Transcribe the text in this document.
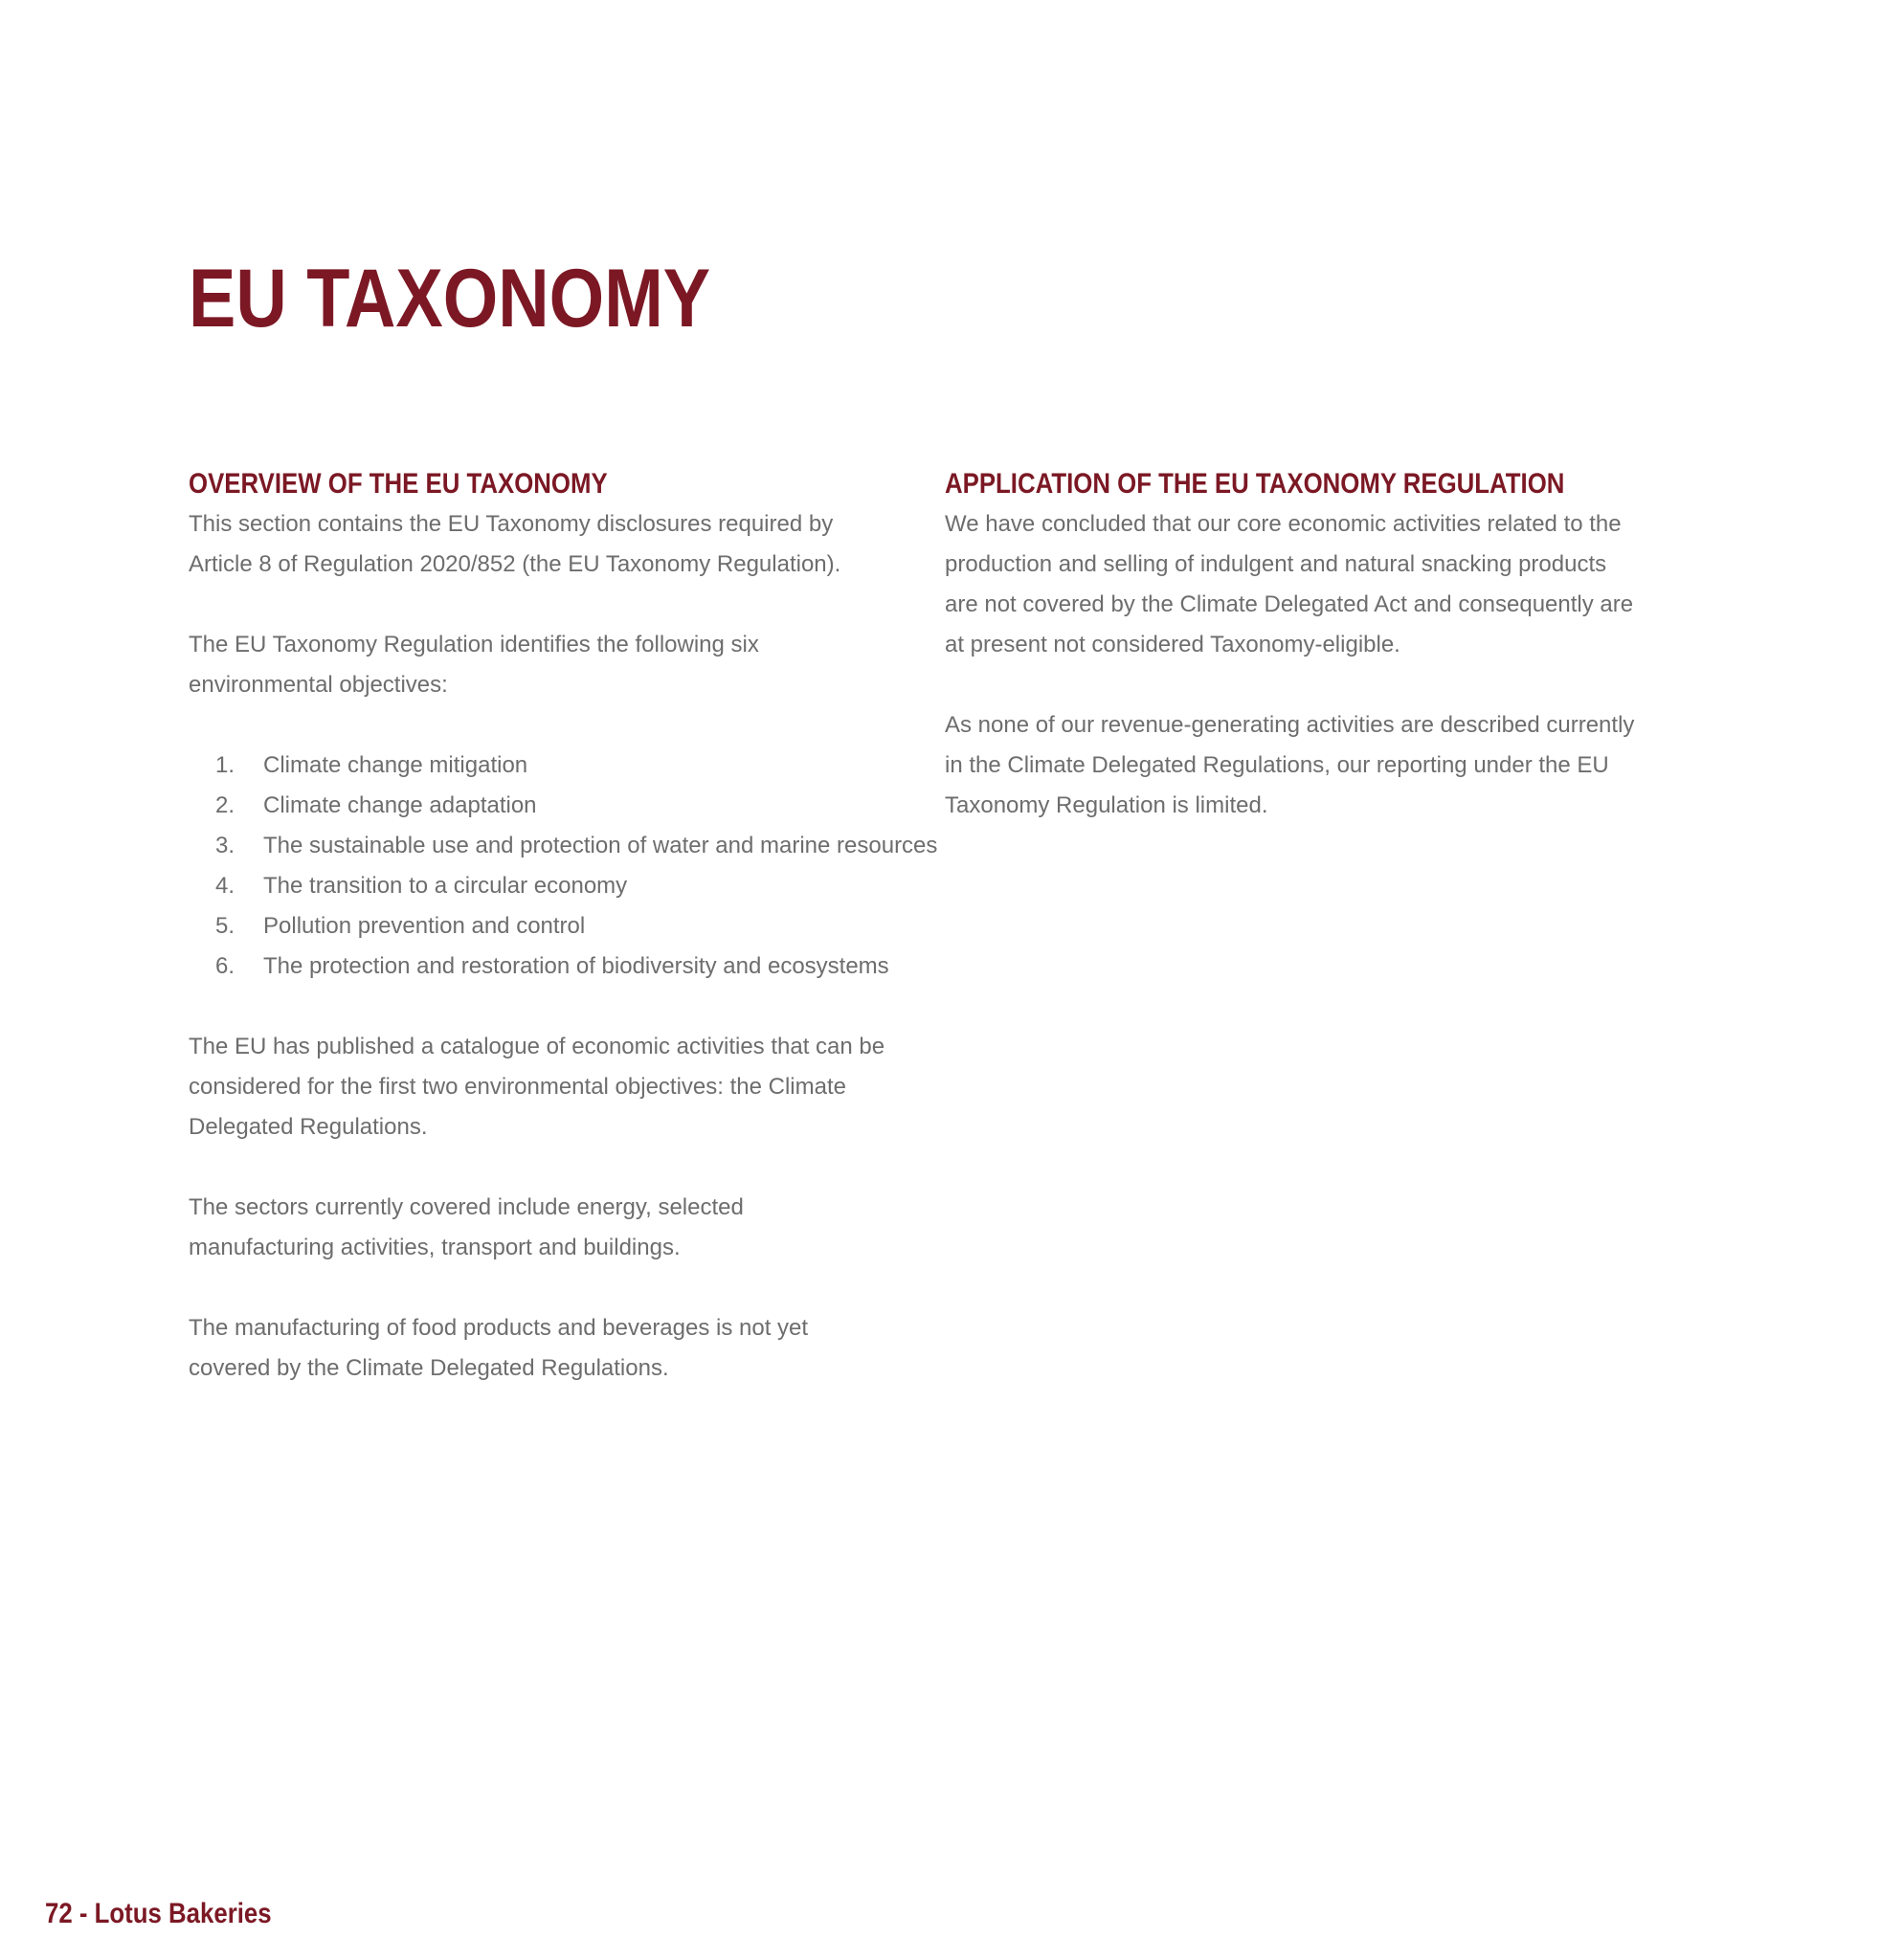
EU TAXONOMY
OVERVIEW OF THE EU TAXONOMY

This section contains the EU Taxonomy disclosures required by Article 8 of Regulation 2020/852 (the EU Taxonomy Regulation).

The EU Taxonomy Regulation identifies the following six environmental objectives:

1. Climate change mitigation
2. Climate change adaptation
3. The sustainable use and protection of water and marine resources
4. The transition to a circular economy
5. Pollution prevention and control
6. The protection and restoration of biodiversity and ecosystems

The EU has published a catalogue of economic activities that can be considered for the first two environmental objectives: the Climate Delegated Regulations.

The sectors currently covered include energy, selected manufacturing activities, transport and buildings.

The manufacturing of food products and beverages is not yet covered by the Climate Delegated Regulations.

APPLICATION OF THE EU TAXONOMY REGULATION

We have concluded that our core economic activities related to the production and selling of indulgent and natural snacking products are not covered by the Climate Delegated Act and consequently are at present not considered Taxonomy-eligible.

As none of our revenue-generating activities are described currently in the Climate Delegated Regulations, our reporting under the EU Taxonomy Regulation is limited.

72 - Lotus Bakeries
